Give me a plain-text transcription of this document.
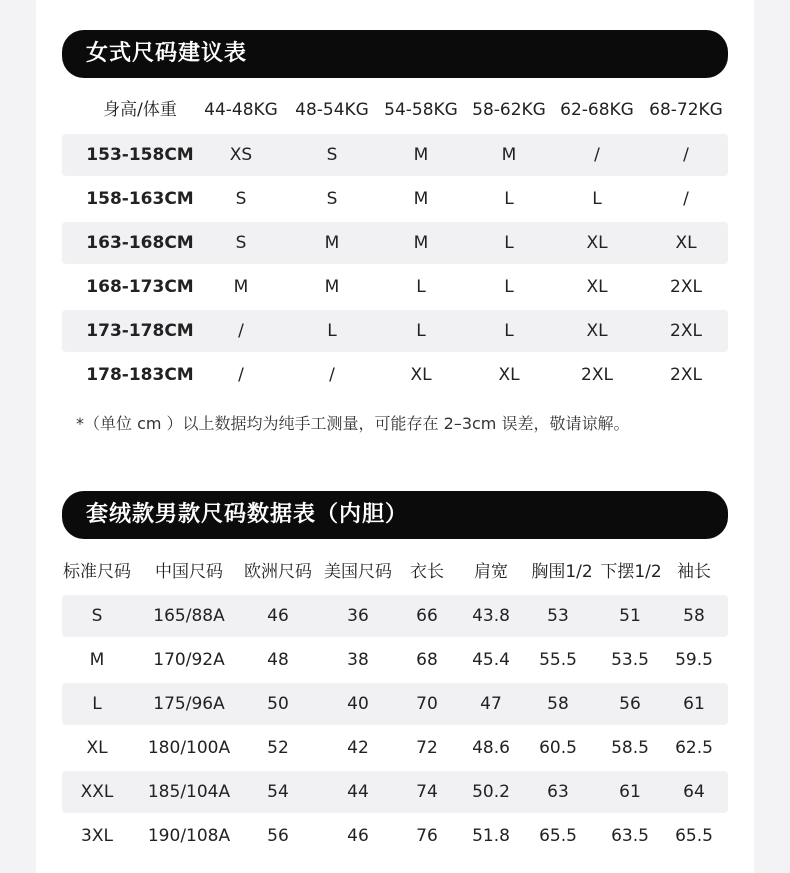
女式尺码建议表
身高/体重 44-48KG 48-54KG 54-58KG 58-62KG 62-68KG 68-72KG
153-158CM XS	S	M	M	/	/
158-163CM S	S	M	L	L	/
163-168CM S	M	M	L	XL	XL
168-173CM M	M	L	L	XL	2XL
173-178CM	/	L	L	L	XL	2XL
178-183CM	/	/	XL	XL	2XL	2XL
*（单位 cm ）以上数据均为纯手工测量，可能存在 2–3cm 误差，敬请谅解。
套绒款男款尺码数据表（内胆）
标准尺码 中国尺码 欧洲尺码 美国尺码 衣长 肩宽 胸围1/2 下摆1/2 袖长
S	165/88A 46	36	66 43.8 53	51 58
M	170/92A 48	38	68 45.4 55.5 53.5 59.5
L	175/96A 50	40	70 47	58	56 61
XL 180/100A 52	42	72 48.6 60.5 58.5 62.5
XXL 185/104A 54	44	74 50.2 63	61 64
3XL 190/108A 56	46	76 51.8 65.5 63.5 65.5
